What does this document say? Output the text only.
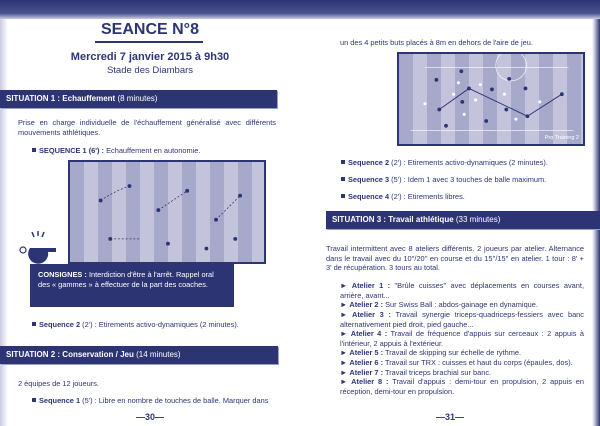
SEANCE N°8
Mercredi 7 janvier 2015 à 9h30
Stade des Diambars
SITUATION 1 : Echauffement (8 minutes)
Prise en charge individuelle de l'échauffement généralisé avec différents mouvements athlétiques.
SEQUENCE 1 (6') : Echauffement en autonomie.
CONSIGNES : Interdiction d'être à l'arrêt. Rappel oral des « gammes » à effectuer de la part des coaches.
Sequence 2 (2') : Etirements activo-dynamiques (2 minutes).
SITUATION 2 : Conservation / Jeu (14 minutes)
2 équipes de 12 joueurs.
Sequence 1 (5') : Libre en nombre de touches de balle. Marquer dans
—30—
un des 4 petits buts placés à 8m en dehors de l'aire de jeu.
Pro Training 2
Sequence 2 (2') : Etirements activo-dynamiques (2 minutes).
Sequence 3 (5') : Idem 1 avec 3 touches de balle maximum.
Sequence 4 (2') : Etirements libres.
SITUATION 3 : Travail athlétique (33 minutes)
Travail intermittent avec 8 ateliers différents. 2 joueurs par atelier. Alternance dans le travail avec du 10''/20'' en course et du 15''/15'' en atelier. 1 tour : 8' + 3' de récupération. 3 tours au total.
► Atelier 1 : "Brûle cuisses" avec déplacements en courses avant, arrière, avant...
► Atelier 2 : Sur Swiss Ball : abdos-gainage en dynamique.
► Atelier 3 : Travail synergie triceps-quadriceps-fessiers avec banc alternativement pied droit, pied gauche...
► Atelier 4 : Travail de fréquence d'appuis sur cerceaux : 2 appuis à l'intérieur, 2 appuis à l'extérieur.
► Atelier 5 : Travail de skipping sur échelle de rythme.
► Atelier 6 : Travail sur TRX : cuisses et haut du corps (épaules, dos).
► Atelier 7 : Travail triceps brachial sur banc.
► Atelier 8 : Travail d'appuis : demi-tour en propulsion, 2 appuis en réception, demi-tour en propulsion.
—31—
